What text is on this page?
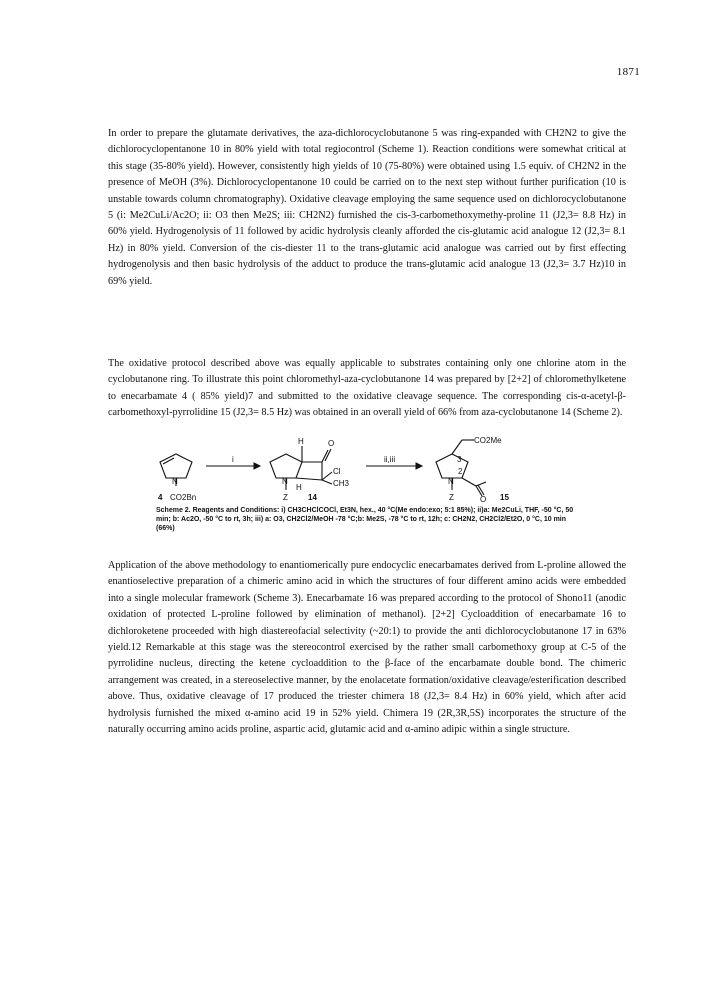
1871

In order to prepare the glutamate derivatives, the aza-dichlorocyclobutanone 5 was ring-expanded with CH2N2 to give the dichlorocyclopentanone 10 in 80% yield with total regiocontrol (Scheme 1). Reaction conditions were somewhat critical at this stage (35-80% yield). However, consistently high yields of 10 (75-80%) were obtained using 1.5 equiv. of CH2N2 in the presence of MeOH (3%). Dichlorocyclopentanone 10 could be carried on to the next step without further purification (10 is unstable towards column chromatography). Oxidative cleavage employing the same sequence used on dichlorocyclobutanone 5 (i: Me2CuLi/Ac2O; ii: O3 then Me2S; iii: CH2N2) furnished the cis-3-carbomethoxymethy-proline 11 (J2,3= 8.8 Hz) in 60% yield. Hydrogenolysis of 11 followed by acidic hydrolysis cleanly afforded the cis-glutamic acid analogue 12 (J2,3= 8.1 Hz) in 80% yield. Conversion of the cis-diester 11 to the trans-glutamic acid analogue was carried out by first effecting hydrogenolysis and then basic hydrolysis of the adduct to produce the trans-glutamic acid analogue 13 (J2,3= 3.7 Hz)10 in 69% yield.

The oxidative protocol described above was equally applicable to substrates containing only one chlorine atom in the cyclobutanone ring. To illustrate this point chloromethyl-aza-cyclobutanone 14 was prepared by [2+2] of chloromethylketene to enecarbamate 4 ( 85% yield)7 and submitted to the oxidative cleavage sequence. The corresponding cis-α-acetyl-β-carbomethoxyl-pyrrolidine 15 (J2,3= 8.5 Hz) was obtained in an overall yield of 66% from aza-cyclobutanone 14 (Scheme 2).

N
4 CO2Bn
i
H	O
Cl
CH3
N
H
Z	14
ii,iii
CO2Me
3
2
N
Z	O 15

Scheme 2. Reagents and Conditions: i) CH3CHClCOCl, Et3N, hex., 40 °C(Me endo:exo; 5:1 85%); ii)a: Me2CuLi, THF, -50 °C, 50 min; b: Ac2O, -50 °C to rt, 3h; iii) a: O3, CH2Cl2/MeOH -78 °C;b: Me2S, -78 °C to rt, 12h; c: CH2N2, CH2Cl2/Et2O, 0 °C, 10 min (66%)

Application of the above methodology to enantiomerically pure endocyclic enecarbamates derived from L-proline allowed the enantioselective preparation of a chimeric amino acid in which the structures of four different amino acids were embedded into a single molecular framework (Scheme 3). Enecarbamate 16 was prepared according to the protocol of Shono11 (anodic oxidation of protected L-proline followed by elimination of methanol). [2+2] Cycloaddition of enecarbamate 16 to dichloroketene proceeded with high diastereofacial selectivity (~20:1) to provide the anti dichlorocyclobutanone 17 in 63% yield.12 Remarkable at this stage was the stereocontrol exercised by the rather small carbomethoxy group at C-5 of the pyrrolidine nucleus, directing the ketene cycloaddition to the β-face of the encarbamate double bond. The chimeric arrangement was created, in a stereoselective manner, by the enolacetate formation/oxidative cleavage/esterification described above. Thus, oxidative cleavage of 17 produced the triester chimera 18 (J2,3= 8.4 Hz) in 60% yield, which after acid hydrolysis furnished the mixed α-amino acid 19 in 52% yield. Chimera 19 (2R,3R,5S) incorporates the structure of the naturally occurring amino acids proline, aspartic acid, glutamic acid and α-amino adipic within a single structure.
